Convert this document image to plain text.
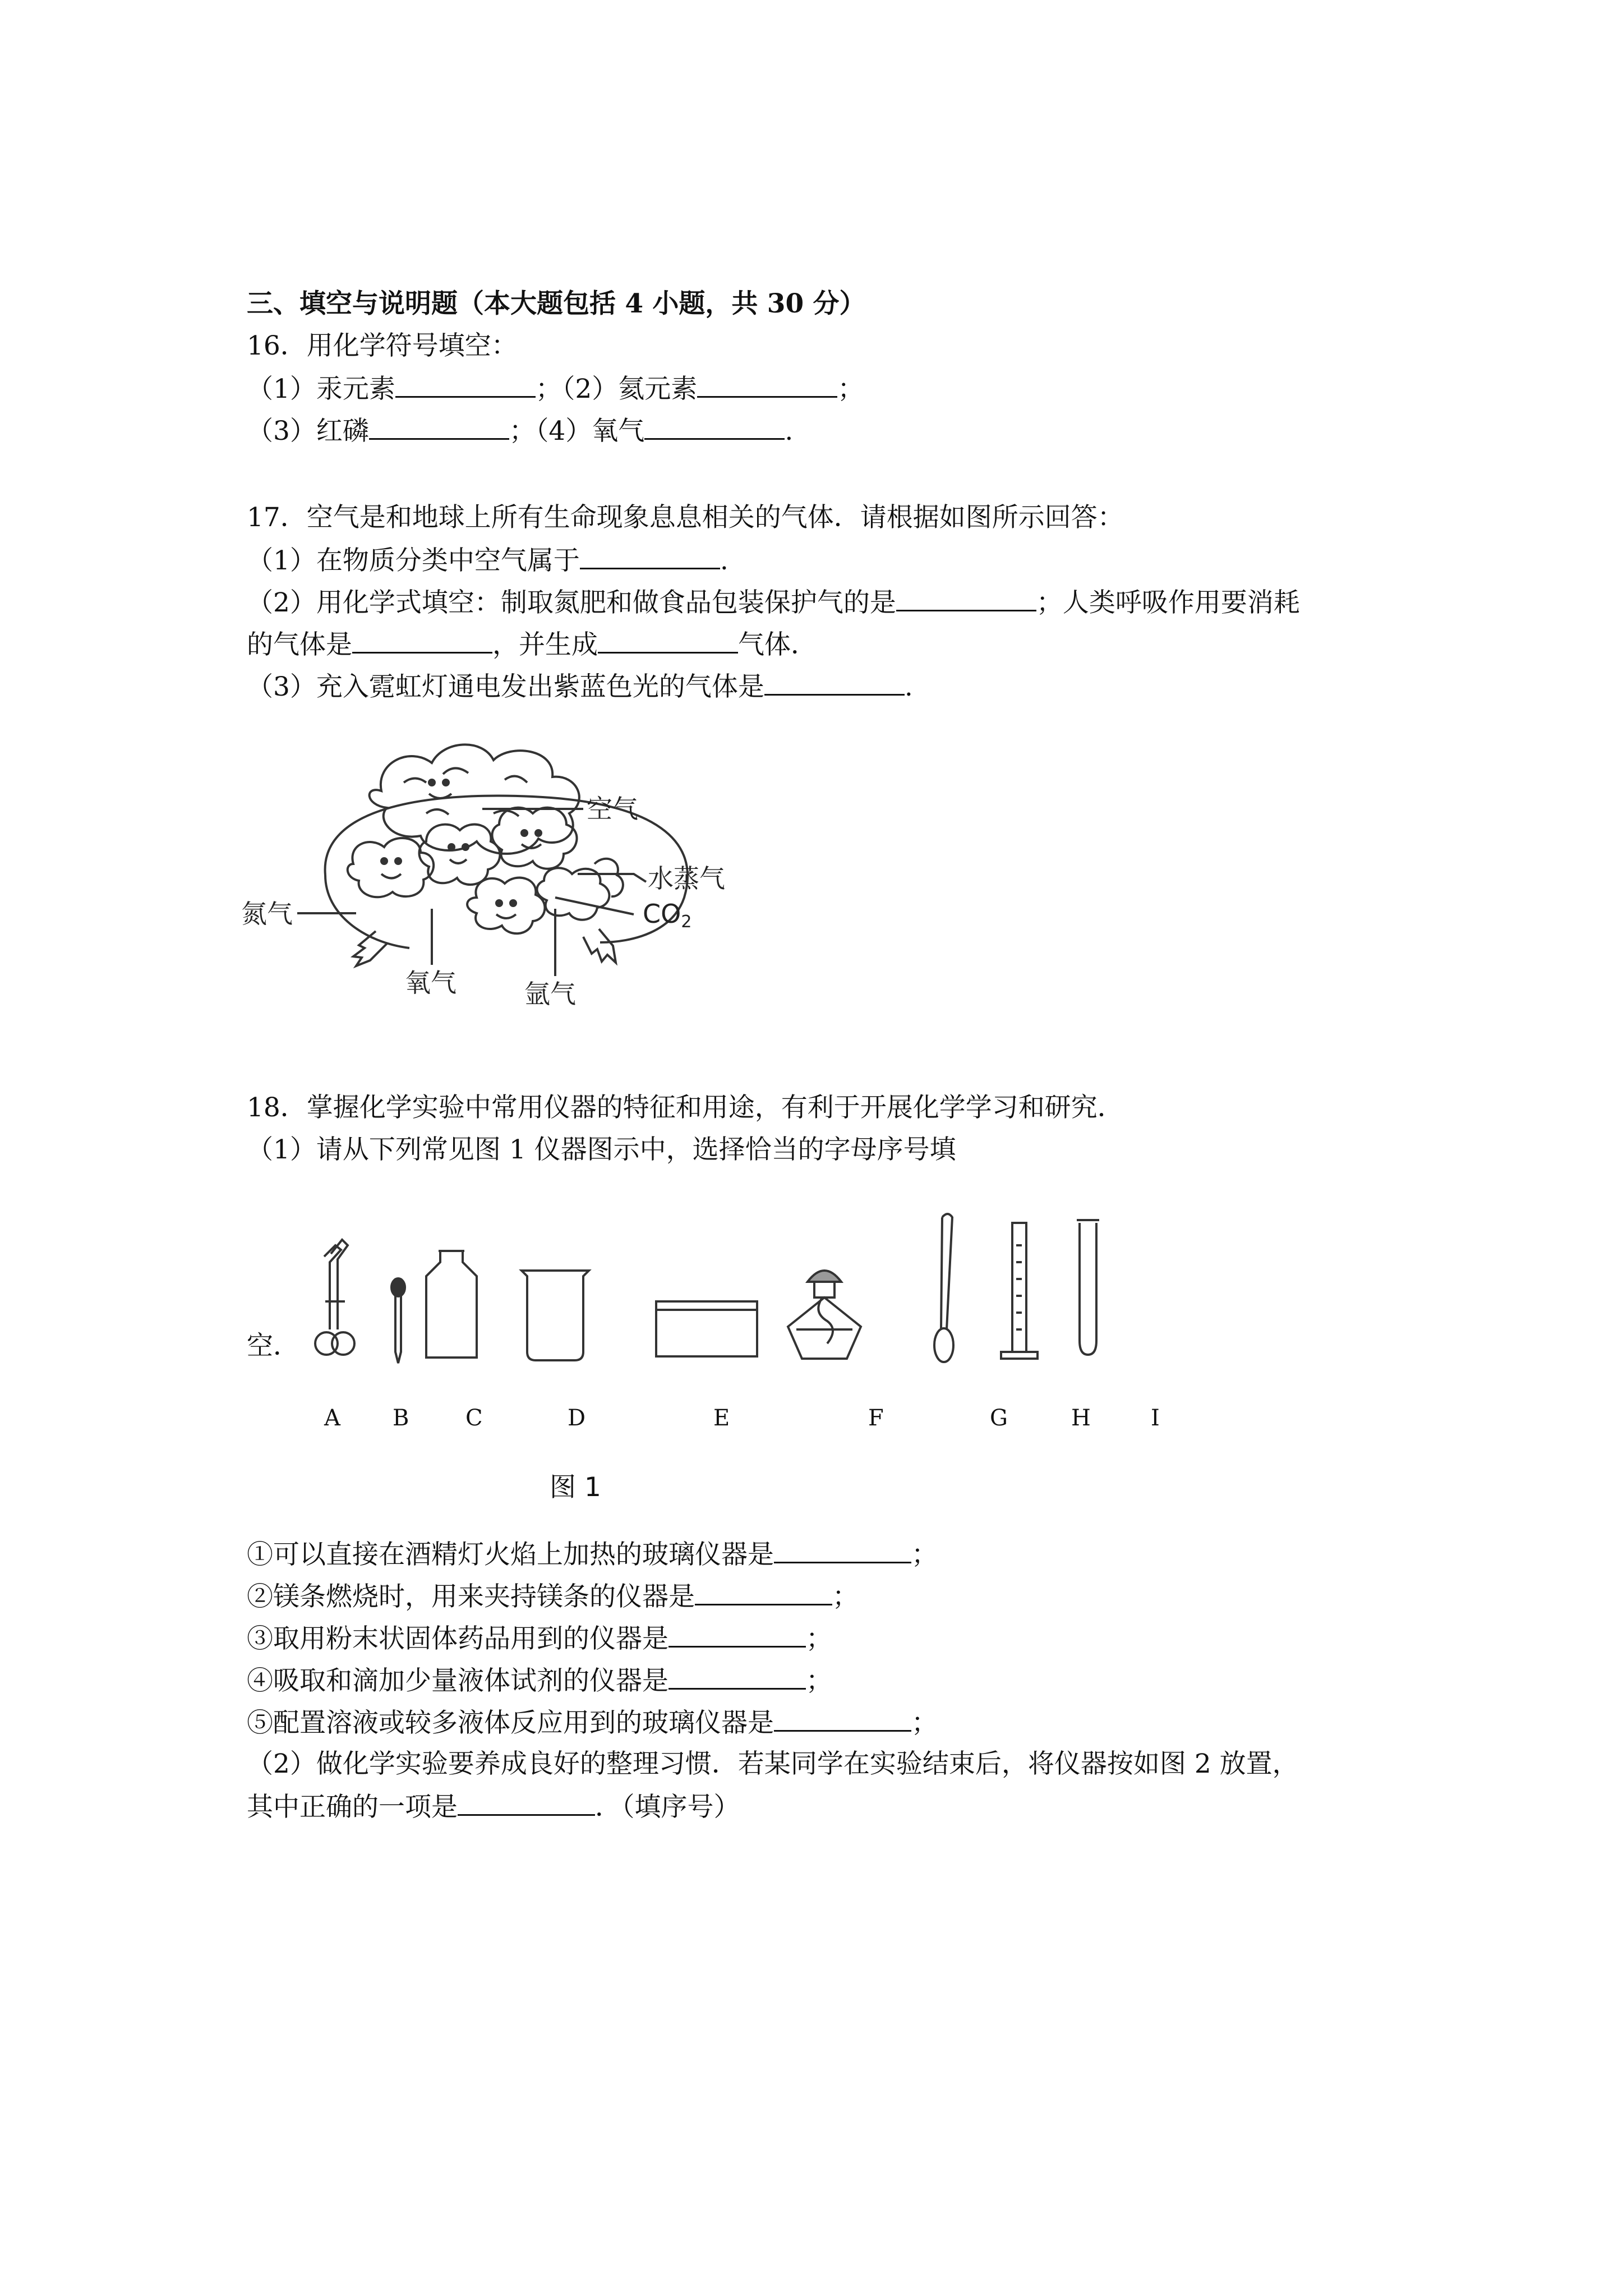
三、填空与说明题（本大题包括 4 小题，共 30 分）
16．用化学符号填空：
（1）汞元素	；（2）氦元素	；
（3）红磷	；（4）氧气	.
17．空气是和地球上所有生命现象息息相关的气体．请根据如图所示回答：
（1）在物质分类中空气属于	.
（2）用化学式填空：制取氮肥和做食品包装保护气的是	；人类呼吸作用要消耗
的气体是	，并生成	气体．
（3）充入霓虹灯通电发出紫蓝色光的气体是	.
空气
水蒸气
CO2
氮气
氧气	氩气
18．掌握化学实验中常用仪器的特征和用途，有利于开展化学学习和研究．
（1）请从下列常见图 1 仪器图示中，选择恰当的字母序号填
空．
A B	C	D	E	F	G	H	I
图 1
①可以直接在酒精灯火焰上加热的玻璃仪器是	；
②镁条燃烧时，用来夹持镁条的仪器是	；
③取用粉末状固体药品用到的仪器是	；
④吸取和滴加少量液体试剂的仪器是	；
⑤配置溶液或较多液体反应用到的玻璃仪器是	；
（2）做化学实验要养成良好的整理习惯．若某同学在实验结束后，将仪器按如图 2 放置，
其中正确的一项是	．（填序号）
